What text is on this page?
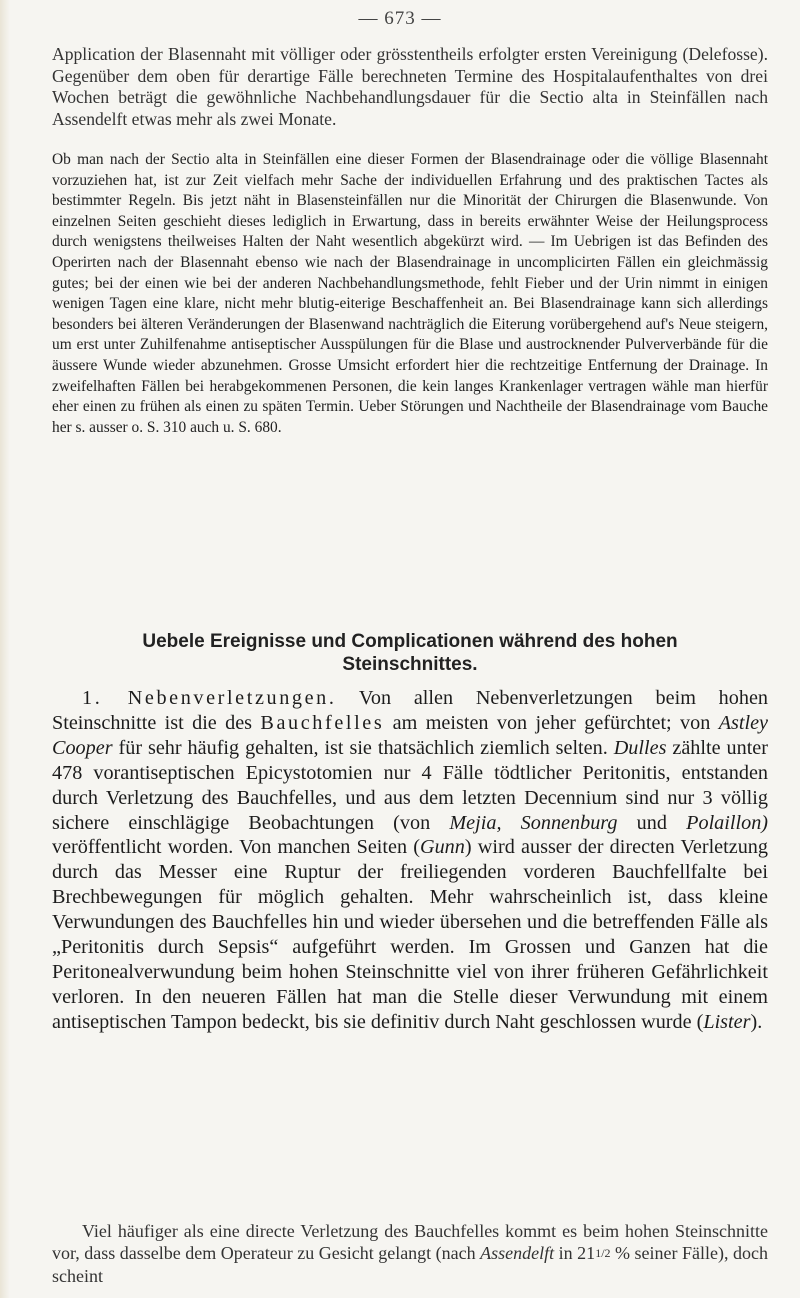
— 673 —

Application der Blasennaht mit völliger oder grösstentheils erfolgter ersten Vereinigung (Delefosse). Gegenüber dem oben für derartige Fälle berechneten Termine des Hospitalaufenthaltes von drei Wochen beträgt die gewöhnliche Nachbehandlungsdauer für die Sectio alta in Steinfällen nach Assendelft etwas mehr als zwei Monate.

Ob man nach der Sectio alta in Steinfällen eine dieser Formen der Blasendrainage oder die völlige Blasennaht vorzuziehen hat, ist zur Zeit vielfach mehr Sache der individuellen Erfahrung und des praktischen Tactes als bestimmter Regeln. Bis jetzt näht in Blasensteinfällen nur die Minorität der Chirurgen die Blasenwunde. Von einzelnen Seiten geschieht dieses lediglich in Erwartung, dass in bereits erwähnter Weise der Heilungsprocess durch wenigstens theilweises Halten der Naht wesentlich abgekürzt wird. — Im Uebrigen ist das Befinden des Operirten nach der Blasennaht ebenso wie nach der Blasendrainage in uncomplicirten Fällen ein gleichmässig gutes; bei der einen wie bei der anderen Nachbehandlungsmethode, fehlt Fieber und der Urin nimmt in einigen wenigen Tagen eine klare, nicht mehr blutig-eiterige Beschaffenheit an. Bei Blasendrainage kann sich allerdings besonders bei älteren Veränderungen der Blasenwand nachträglich die Eiterung vorübergehend auf's Neue steigern, um erst unter Zuhilfenahme antiseptischer Ausspülungen für die Blase und austrocknender Pulververbände für die äussere Wunde wieder abzunehmen. Grosse Umsicht erfordert hier die rechtzeitige Entfernung der Drainage. In zweifelhaften Fällen bei herabgekommenen Personen, die kein langes Krankenlager vertragen wähle man hierfür eher einen zu frühen als einen zu späten Termin. Ueber Störungen und Nachtheile der Blasendrainage vom Bauche her s. ausser o. S. 310 auch u. S. 680.

Uebele Ereignisse und Complicationen während des hohen
Steinschnittes.

1. Nebenverletzungen. Von allen Nebenverletzungen beim hohen Steinschnitte ist die des Bauchfelles am meisten von jeher gefürchtet; von Astley Cooper für sehr häufig gehalten, ist sie thatsächlich ziemlich selten. Dulles zählte unter 478 vorantiseptischen Epicystotomien nur 4 Fälle tödtlicher Peritonitis, entstanden durch Verletzung des Bauchfelles, und aus dem letzten Decennium sind nur 3 völlig sichere einschlägige Beobachtungen (von Mejia, Sonnenburg und Polaillon) veröffentlicht worden. Von manchen Seiten (Gunn) wird ausser der directen Verletzung durch das Messer eine Ruptur der freiliegenden vorderen Bauchfellfalte bei Brechbewegungen für möglich gehalten. Mehr wahrscheinlich ist, dass kleine Verwundungen des Bauchfelles hin und wieder übersehen und die betreffenden Fälle als „Peritonitis durch Sepsis“ aufgeführt werden. Im Grossen und Ganzen hat die Peritonealverwundung beim hohen Steinschnitte viel von ihrer früheren Gefährlichkeit verloren. In den neueren Fällen hat man die Stelle dieser Verwundung mit einem antiseptischen Tampon bedeckt, bis sie definitiv durch Naht geschlossen wurde (Lister).

Viel häufiger als eine directe Verletzung des Bauchfelles kommt es beim hohen Steinschnitte vor, dass dasselbe dem Operateur zu Gesicht gelangt (nach Assendelft in 211/2 % seiner Fälle), doch scheint
